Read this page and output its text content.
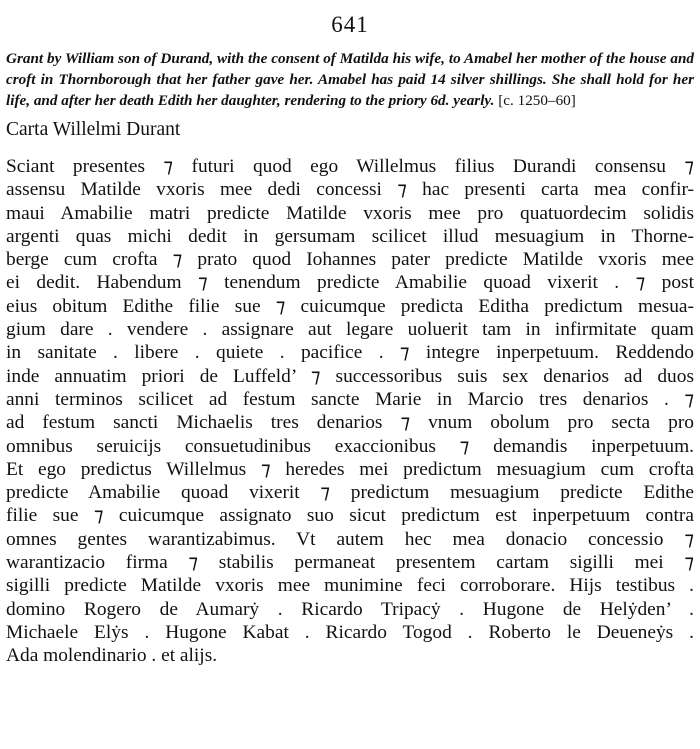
641
Grant by William son of Durand, with the consent of Matilda his wife, to Amabel her mother of the house and croft in Thornborough that her father gave her. Amabel has paid 14 silver shillings. She shall hold for her life, and after her death Edith her daughter, rendering to the priory 6d. yearly. [c. 1250–60]
Carta Willelmi Durant
Sciant presentes ⁊ futuri quod ego Willelmus filius Durandi consensu ⁊
assensu Matilde vxoris mee dedi concessi ⁊ hac presenti carta mea confir-
maui Amabilie matri predicte Matilde vxoris mee pro quatuordecim solidis
argenti quas michi dedit in gersumam scilicet illud mesuagium in Thorne-
berge cum crofta ⁊ prato quod Iohannes pater predicte Matilde vxoris mee
ei dedit. Habendum ⁊ tenendum predicte Amabilie quoad vixerit . ⁊ post
eius obitum Edithe filie sue ⁊ cuicumque predicta Editha predictum mesua-
gium dare . vendere . assignare aut legare uoluerit tam in infirmitate quam
in sanitate . libere . quiete . pacifice . ⁊ integre inperpetuum. Reddendo
inde annuatim priori de Luffeld’ ⁊ successoribus suis sex denarios ad duos
anni terminos scilicet ad festum sancte Marie in Marcio tres denarios . ⁊
ad festum sancti Michaelis tres denarios ⁊ vnum obolum pro secta pro
omnibus seruicijs consuetudinibus exaccionibus ⁊ demandis inperpetuum.
Et ego predictus Willelmus ⁊ heredes mei predictum mesuagium cum crofta
predicte Amabilie quoad vixerit ⁊ predictum mesuagium predicte Edithe
filie sue ⁊ cuicumque assignato suo sicut predictum est inperpetuum contra
omnes gentes warantizabimus. Vt autem hec mea donacio concessio ⁊
warantizacio firma ⁊ stabilis permaneat presentem cartam sigilli mei ⁊
sigilli predicte Matilde vxoris mee munimine feci corroborare. Hijs testibus .
domino Rogero de Aumarẏ . Ricardo Tripacẏ . Hugone de Helẏden’ .
Michaele Elẏs . Hugone Kabat . Ricardo Togod . Roberto le Deueneẏs .
Ada molendinario . et alijs.
